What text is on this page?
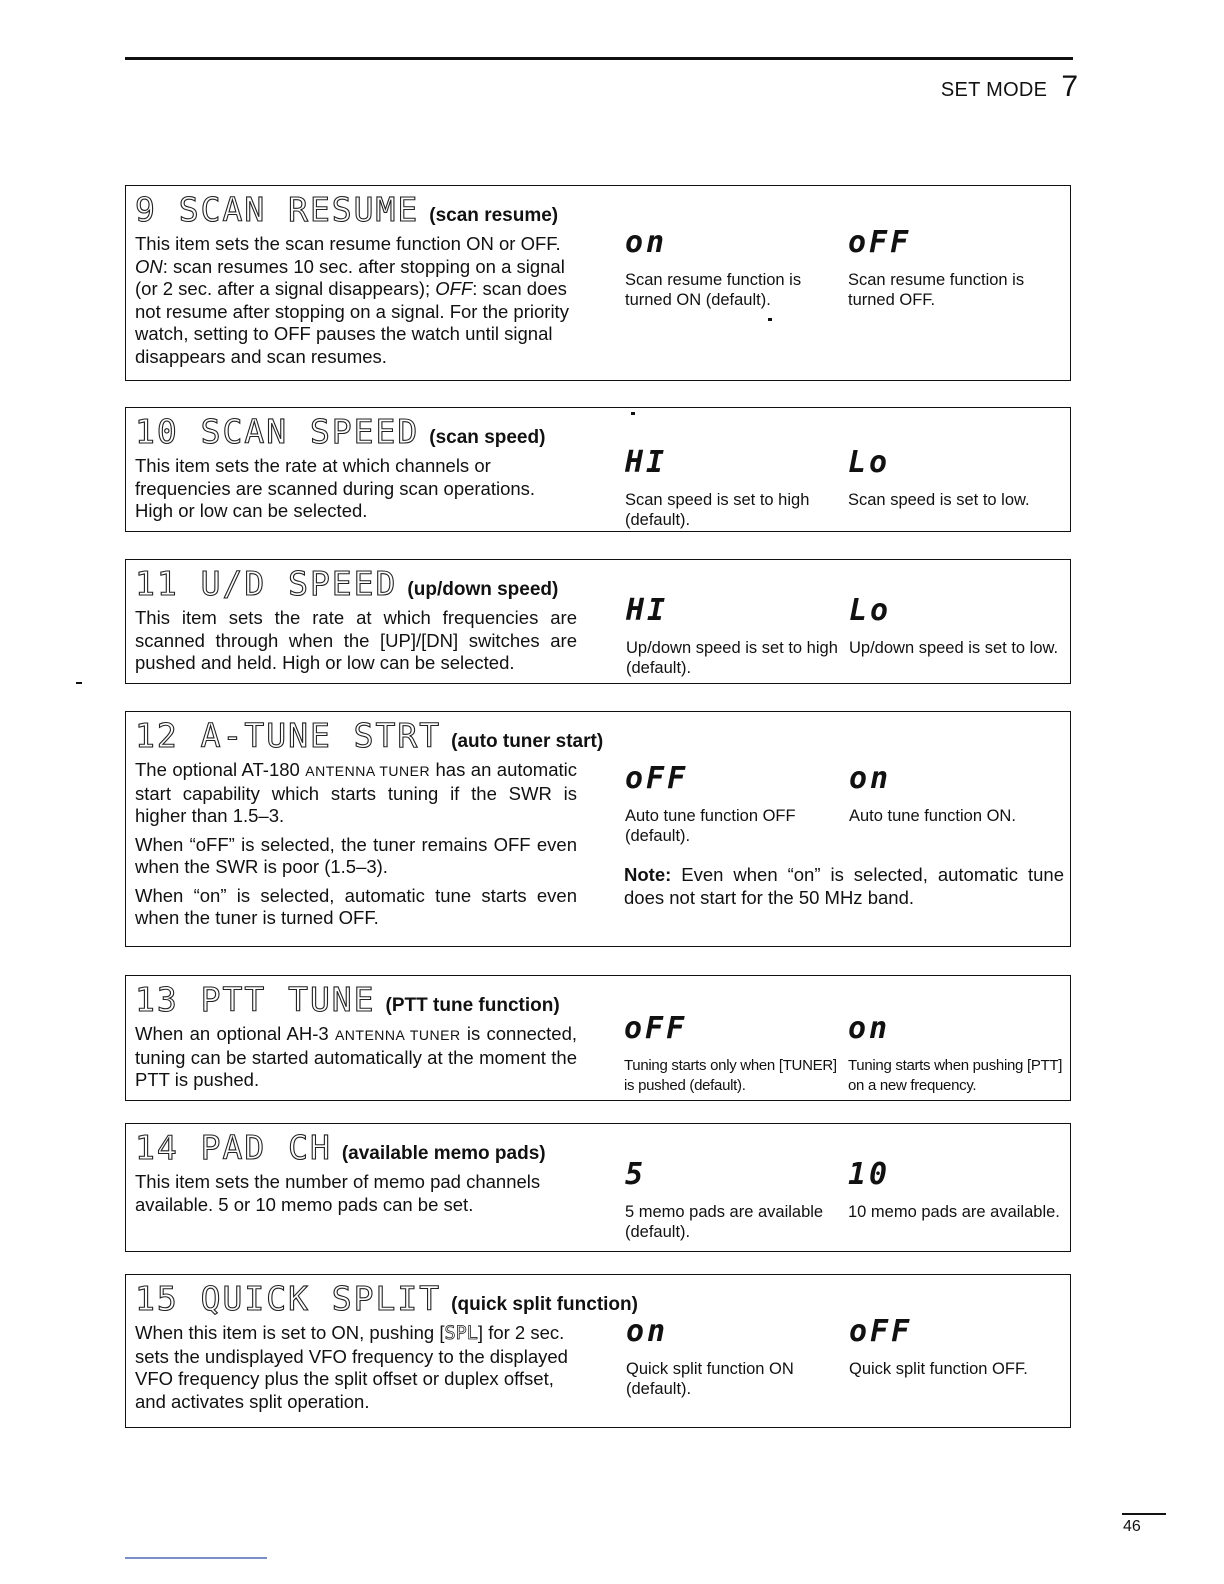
SET MODE 7
9 SCAN RESUME (scan resume)
This item sets the scan resume function ON or OFF. ON: scan resumes 10 sec. after stopping on a signal (or 2 sec. after a signal disappears); OFF: scan does not resume after stopping on a signal. For the priority watch, setting to OFF pauses the watch until signal disappears and scan resumes.
on
Scan resume function is turned ON (default).
oFF
Scan resume function is turned OFF.
10 SCAN SPEED (scan speed)
This item sets the rate at which channels or frequencies are scanned during scan operations. High or low can be selected.
HI
Scan speed is set to high (default).
Lo
Scan speed is set to low.
11 U/D SPEED (up/down speed)
This item sets the rate at which frequencies are scanned through when the [UP]/[DN] switches are pushed and held. High or low can be selected.
HI
Up/down speed is set to high (default).
Lo
Up/down speed is set to low.
12 A-TUNE STRT (auto tuner start)

The optional AT-180 ANTENNA TUNER has an automatic start capability which starts tuning if the SWR is higher than 1.5–3.

When “oFF” is selected, the tuner remains OFF even when the SWR is poor (1.5–3).

When “on” is selected, automatic tune starts even when the tuner is turned OFF.

oFF
Auto tune function OFF (default).
on
Auto tune function ON.
Note: Even when “on” is selected, automatic tune does not start for the 50 MHz band.
13 PTT TUNE (PTT tune function)
When an optional AH-3 ANTENNA TUNER is connected, tuning can be started automatically at the moment the PTT is pushed.
oFF
Tuning starts only when [TUNER] is pushed (default).
on
Tuning starts when pushing [PTT] on a new frequency.
14 PAD CH (available memo pads)
This item sets the number of memo pad channels available. 5 or 10 memo pads can be set.
5
5 memo pads are available (default).
10
10 memo pads are available.
15 QUICK SPLIT (quick split function)
When this item is set to ON, pushing [SPL] for 2 sec. sets the undisplayed VFO frequency to the displayed VFO frequency plus the split offset or duplex offset, and activates split operation.
on
Quick split function ON (default).
oFF
Quick split function OFF.
46
